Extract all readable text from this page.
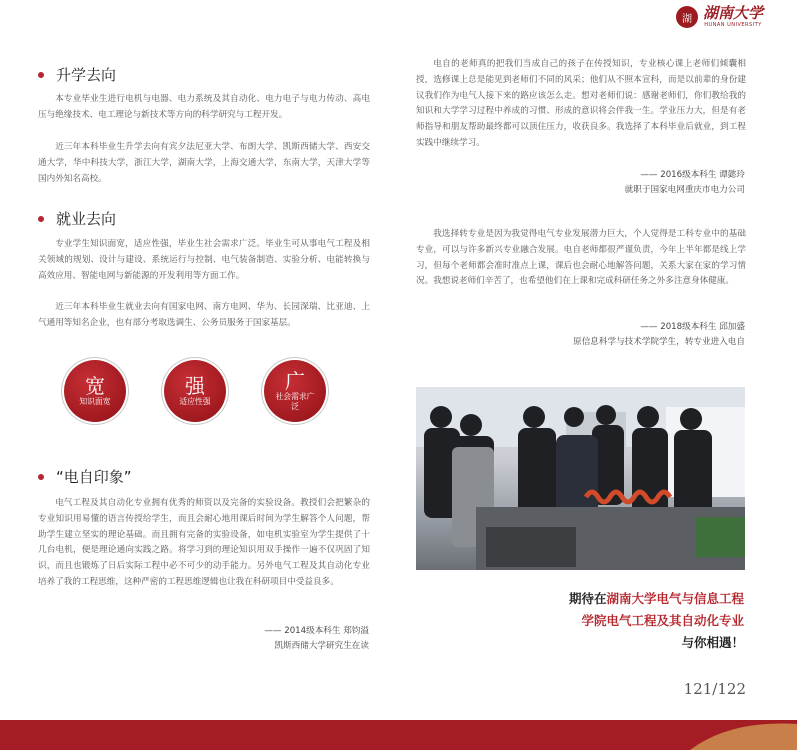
湖 湖南大学
HUNAN UNIVERSITY
升学去向

本专业毕业生进行电机与电器、电力系统及其自动化、电力电子与电力传动、高电压与绝缘技术、电工理论与新技术等方向的科学研究与工程开发。

近三年本科毕业生升学去向有宾夕法尼亚大学、布朗大学、凯斯西储大学、西安交通大学，华中科技大学，浙江大学，湖南大学，上海交通大学，东南大学，天津大学等国内外知名高校。

就业去向

专业学生知识面宽，适应性强，毕业生社会需求广泛。毕业生可从事电气工程及相关领域的规划、设计与建设、系统运行与控制、电气装备制造、实验分析、电能转换与高效应用、智能电网与新能源的开发利用等方面工作。

近三年本科毕业生就业去向有国家电网、南方电网、华为、长园深瑞、比亚迪、上气通用等知名企业，也有部分考取选调生、公务员服务于国家基层。

宽
知识面宽
强
适应性强
广
社会需求广泛
“电自印象”

电气工程及其自动化专业拥有优秀的师资以及完备的实验设备。教授们会把繁杂的专业知识用易懂的语言传授给学生，而且会耐心地用课后时间为学生解答个人问题，帮助学生建立坚实的理论基础。而且拥有完备的实验设备，如电机实验室为学生提供了十几台电机，便是理论通向实践之路。将学习到的理论知识用双手操作一遍不仅巩固了知识，而且也锻炼了日后实际工程中必不可少的动手能力。另外电气工程及其自动化专业培养了我的工程思维，这种严密的工程思维逻辑也让我在科研项目中受益良多。

—— 2014级本科生 郑钧溢
凯斯西储大学研究生在读

电自的老师真的把我们当成自己的孩子在传授知识，专业核心课上老师们倾囊相授，选修课上总是能见到老师们不同的风采；他们从不照本宣科，而是以前辈的身份建议我们作为电气人接下来的路应该怎么走。想对老师们说：感谢老师们，你们教给我的知识和大学学习过程中养成的习惯、形成的意识将会伴我一生。学业压力大，但是有老师指导和朋友帮助最终都可以顶住压力，收获良多。我选择了本科毕业后就业，到工程实践中继续学习。

—— 2016级本科生 谭懿玲
就职于国家电网重庆市电力公司

我选择转专业是因为我觉得电气专业发展潜力巨大，个人觉得是工科专业中的基础专业，可以与许多新兴专业融合发展。电自老师都很严谨负责，今年上半年都是线上学习，但每个老师都会准时准点上课，课后也会耐心地解答问题，关系大家在家的学习情况。我想说老师们辛苦了，也希望他们在上课和完成科研任务之外多注意身体健康。

—— 2018级本科生 邱加盛
原信息科学与技术学院学生，转专业进入电自
期待在湖南大学电气与信息工程
学院电气工程及其自动化专业
与你相遇！
121/122
